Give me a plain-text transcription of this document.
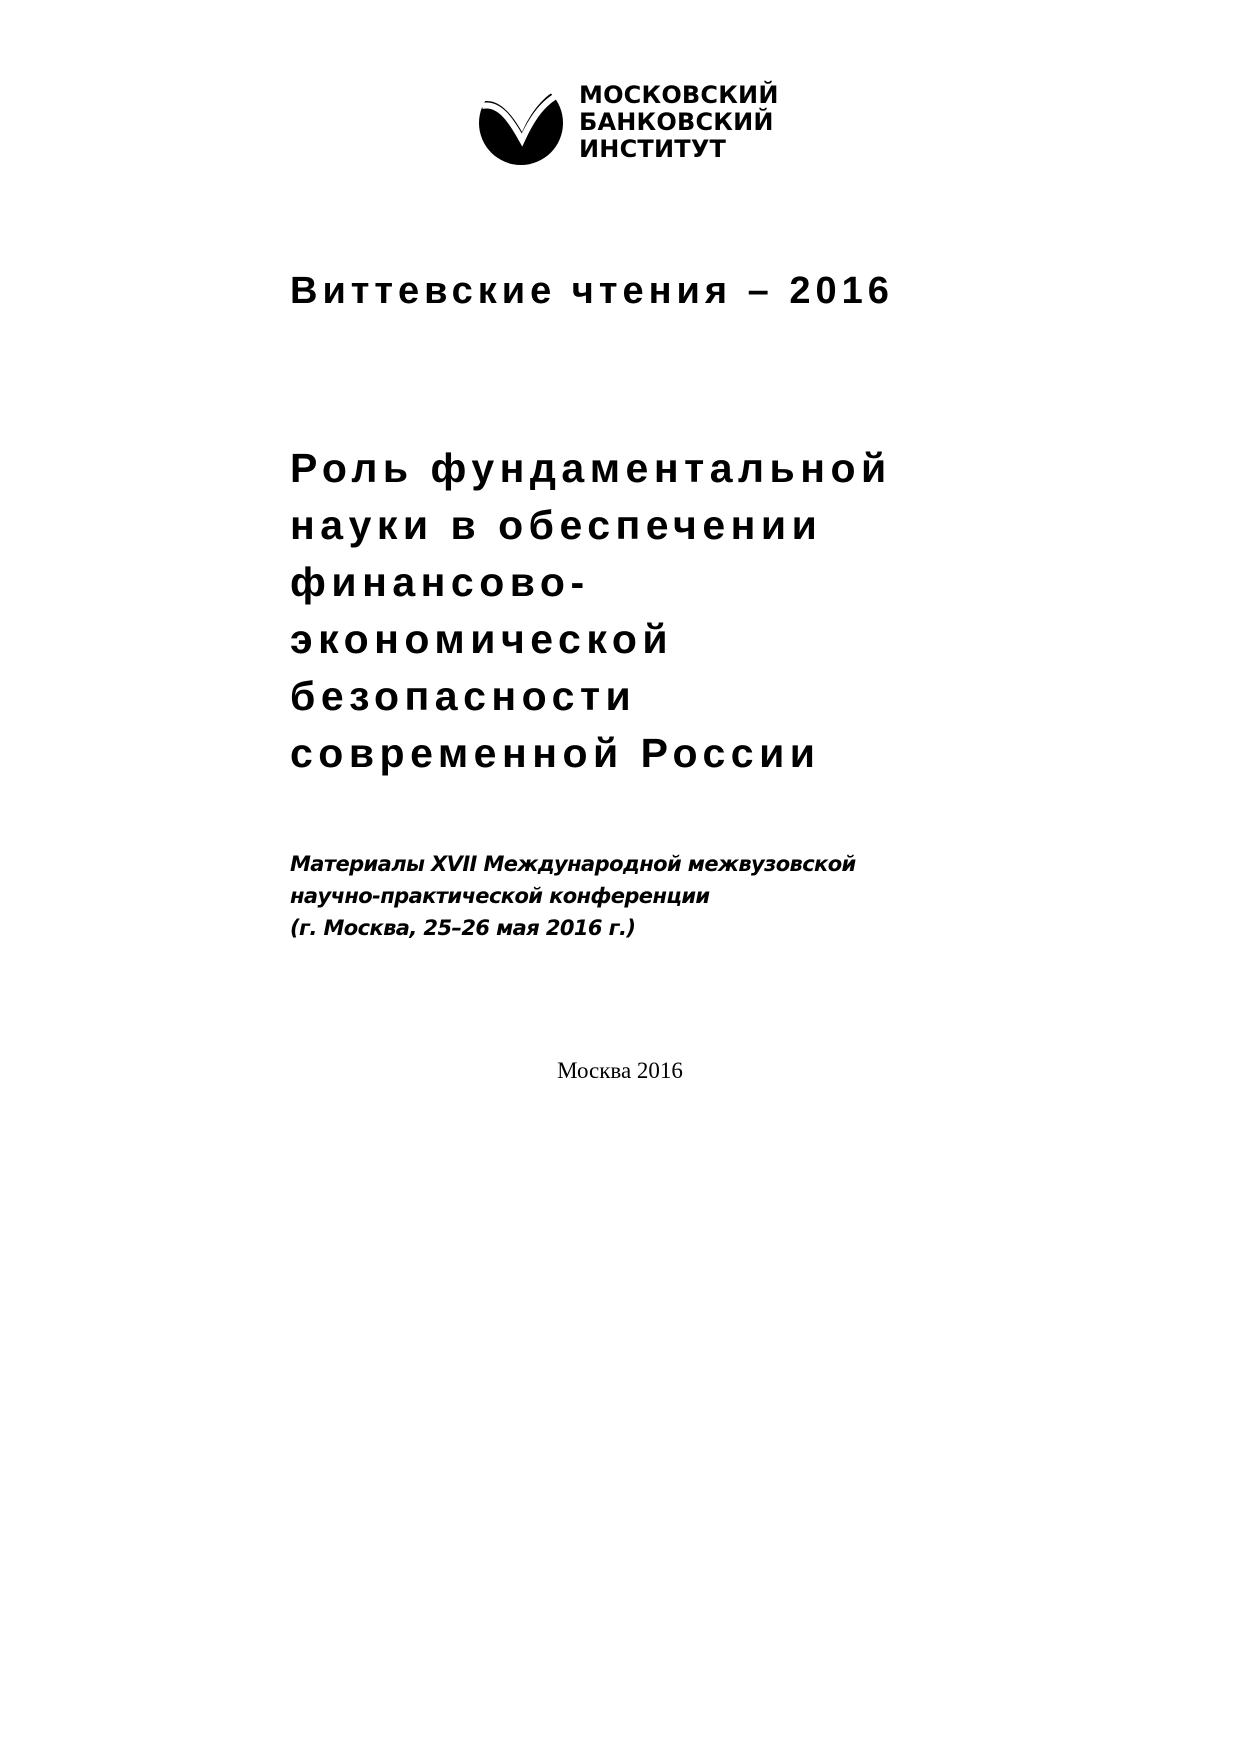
МОСКОВСКИЙ
БАНКОВСКИЙ
ИНСТИТУТ
Виттевские чтения – 2016
Роль фундаментальной
науки в обеспечении
финансово-
экономической
безопасности
современной России
Материалы XVII Международной межвузовской
научно-практической конференции
(г. Москва, 25–26 мая 2016 г.)
Москва 2016
